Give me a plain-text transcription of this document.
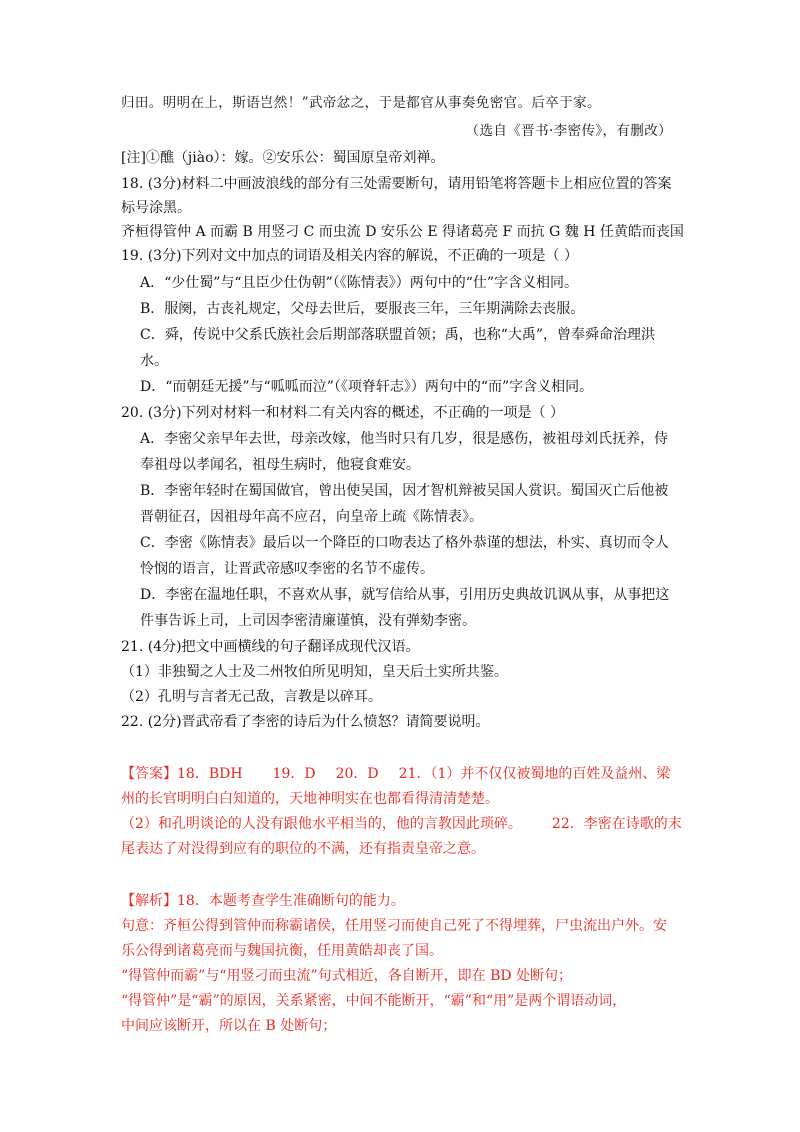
归田。明明在上，斯语岂然！”武帝忿之，于是都官从事奏免密官。后卒于家。
（选自《晋书·李密传》，有删改）
[注]①醮（jiào）：嫁。②安乐公：蜀国原皇帝刘禅。
18. (3分)材料二中画波浪线的部分有三处需要断句，请用铅笔将答题卡上相应位置的答案
标号涂黑。
齐桓得管仲 A 而霸 B 用竖刁 C 而虫流 D 安乐公 E 得诸葛亮 F 而抗 G 魏 H 任黄皓而丧国
19. (3分)下列对文中加点的词语及相关内容的解说，不正确的一项是（ ）
A．“少仕蜀”与“且臣少仕伪朝”（《陈情表》）两句中的“仕”字含义相同。
B．服阕，古丧礼规定，父母去世后，要服丧三年，三年期满除去丧服。
C．舜，传说中父系氏族社会后期部落联盟首领；禹，也称“大禹”，曾奉舜命治理洪
水。
D．“而朝廷无援”与“呱呱而泣”（《项脊轩志》）两句中的“而”字含义相同。
20. (3分)下列对材料一和材料二有关内容的概述，不正确的一项是（ ）
A．李密父亲早年去世，母亲改嫁，他当时只有几岁，很是感伤，被祖母刘氏抚养，侍
奉祖母以孝闻名，祖母生病时，他寝食难安。
B．李密年轻时在蜀国做官，曾出使吴国，因才智机辩被吴国人赏识。蜀国灭亡后他被
晋朝征召，因祖母年高不应召，向皇帝上疏《陈情表》。
C．李密《陈情表》最后以一个降臣的口吻表达了格外恭谨的想法，朴实、真切而令人
怜悯的语言，让晋武帝感叹李密的名节不虚传。
D．李密在温地任职，不喜欢从事，就写信给从事，引用历史典故讥讽从事，从事把这
件事告诉上司，上司因李密清廉谨慎，没有弹劾李密。
21. (4分)把文中画横线的句子翻译成现代汉语。
（1）非独蜀之人士及二州牧伯所见明知，皇天后土实所共鉴。
（2）孔明与言者无己敌，言教是以碎耳。
22. (2分)晋武帝看了李密的诗后为什么愤怒？请简要说明。
【答案】18．BDH 19．D 20．D 21．（1）并不仅仅被蜀地的百姓及益州、梁
州的长官明明白白知道的，天地神明实在也都看得清清楚楚。
（2）和孔明谈论的人没有跟他水平相当的，他的言教因此琐碎。 22．李密在诗歌的末
尾表达了对没得到应有的职位的不满，还有指责皇帝之意。
【解析】18．本题考查学生准确断句的能力。
句意：齐桓公得到管仲而称霸诸侯，任用竖刁而使自己死了不得埋葬，尸虫流出户外。安
乐公得到诸葛亮而与魏国抗衡，任用黄皓却丧了国。
“得管仲而霸”与“用竖刁而虫流”句式相近，各自断开，即在 BD 处断句；
“得管仲”是“霸”的原因，关系紧密，中间不能断开，“霸”和“用”是两个谓语动词，
中间应该断开，所以在 B 处断句；
